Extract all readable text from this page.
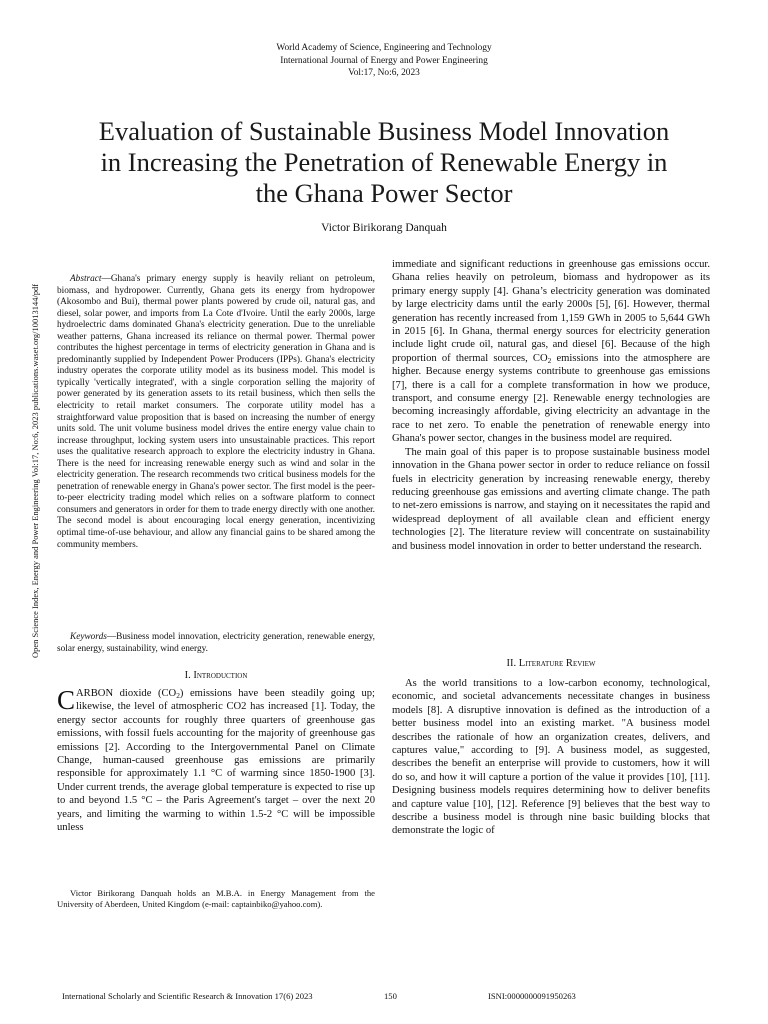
World Academy of Science, Engineering and Technology
International Journal of Energy and Power Engineering
Vol:17, No:6, 2023
Evaluation of Sustainable Business Model Innovation
in Increasing the Penetration of Renewable Energy in
the Ghana Power Sector
Victor Birikorang Danquah
Open Science Index, Energy and Power Engineering Vol:17, No:6, 2023 publications.waset.org/10013144/pdf

Abstract—Ghana's primary energy supply is heavily reliant on petroleum, biomass, and hydropower. Currently, Ghana gets its energy from hydropower (Akosombo and Bui), thermal power plants powered by crude oil, natural gas, and diesel, solar power, and imports from La Cote d'Ivoire. Until the early 2000s, large hydroelectric dams dominated Ghana's electricity generation. Due to the unreliable weather patterns, Ghana increased its reliance on thermal power. Thermal power contributes the highest percentage in terms of electricity generation in Ghana and is predominantly supplied by Independent Power Producers (IPPs). Ghana's electricity industry operates the corporate utility model as its business model. This model is typically 'vertically integrated', with a single corporation selling the majority of power generated by its generation assets to its retail business, which then sells the electricity to retail market consumers. The corporate utility model has a straightforward value proposition that is based on increasing the number of energy units sold. The unit volume business model drives the entire energy value chain to increase throughput, locking system users into unsustainable practices. This report uses the qualitative research approach to explore the electricity industry in Ghana. There is the need for increasing renewable energy such as wind and solar in the electricity generation. The research recommends two critical business models for the penetration of renewable energy in Ghana's power sector. The first model is the peer-to-peer electricity trading model which relies on a software platform to connect consumers and generators in order for them to trade energy directly with one another. The second model is about encouraging local energy generation, incentivizing optimal time-of-use behaviour, and allow any financial gains to be shared among the community members.

Keywords—Business model innovation, electricity generation, renewable energy, solar energy, sustainability, wind energy.

I. Introduction

CARBON dioxide $(CO_2)$ emissions have been steadily going up; likewise, the level of atmospheric CO2 has increased [1]. Today, the energy sector accounts for roughly three quarters of greenhouse gas emissions, with fossil fuels accounting for the majority of greenhouse gas emissions [2]. According to the Intergovernmental Panel on Climate Change, human-caused greenhouse gas emissions are primarily responsible for approximately 1.1 °C of warming since 1850-1900 [3]. Under current trends, the average global temperature is expected to rise up to and beyond 1.5 °C – the Paris Agreement's target – over the next 20 years, and limiting the warming to within 1.5-2 °C will be impossible unless

immediate and significant reductions in greenhouse gas emissions occur. Ghana relies heavily on petroleum, biomass and hydropower as its primary energy supply [4]. Ghana’s electricity generation was dominated by large electricity dams until the early 2000s [5], [6]. However, thermal generation has recently increased from 1,159 GWh in 2005 to 5,644 GWh in 2015 [6]. In Ghana, thermal energy sources for electricity generation include light crude oil, natural gas, and diesel [6]. Because of the high proportion of thermal sources, $CO_2$ emissions into the atmosphere are higher. Because energy systems contribute to greenhouse gas emissions [7], there is a call for a complete transformation in how we produce, transport, and consume energy [2]. Renewable energy technologies are becoming increasingly affordable, giving electricity an advantage in the race to net zero. To enable the penetration of renewable energy into Ghana's power sector, changes in the business model are required.

The main goal of this paper is to propose sustainable business model innovation in the Ghana power sector in order to reduce reliance on fossil fuels in electricity generation by increasing renewable energy, thereby reducing greenhouse gas emissions and averting climate change. The path to net-zero emissions is narrow, and staying on it necessitates the rapid and widespread deployment of all available clean and efficient energy technologies [2]. The literature review will concentrate on sustainability and business model innovation in order to better understand the research.

II. Literature Review

As the world transitions to a low-carbon economy, technological, economic, and societal advancements necessitate changes in business models [8]. A disruptive innovation is defined as the introduction of a better business model into an existing market. "A business model describes the rationale of how an organization creates, delivers, and captures value," according to [9]. A business model, as suggested, describes the benefit an enterprise will provide to customers, how it will do so, and how it will capture a portion of the value it provides [10], [11]. Designing business models requires determining how to deliver benefits and capture value [10], [12]. Reference [9] believes that the best way to describe a business model is through nine basic building blocks that demonstrate the logic of

Victor Birikorang Danquah holds an M.B.A. in Energy Management from the University of Aberdeen, United Kingdom (e-mail: captainbiko@yahoo.com).
International Scholarly and Scientific Research & Innovation 17(6) 2023	150	ISNI:0000000091950263
